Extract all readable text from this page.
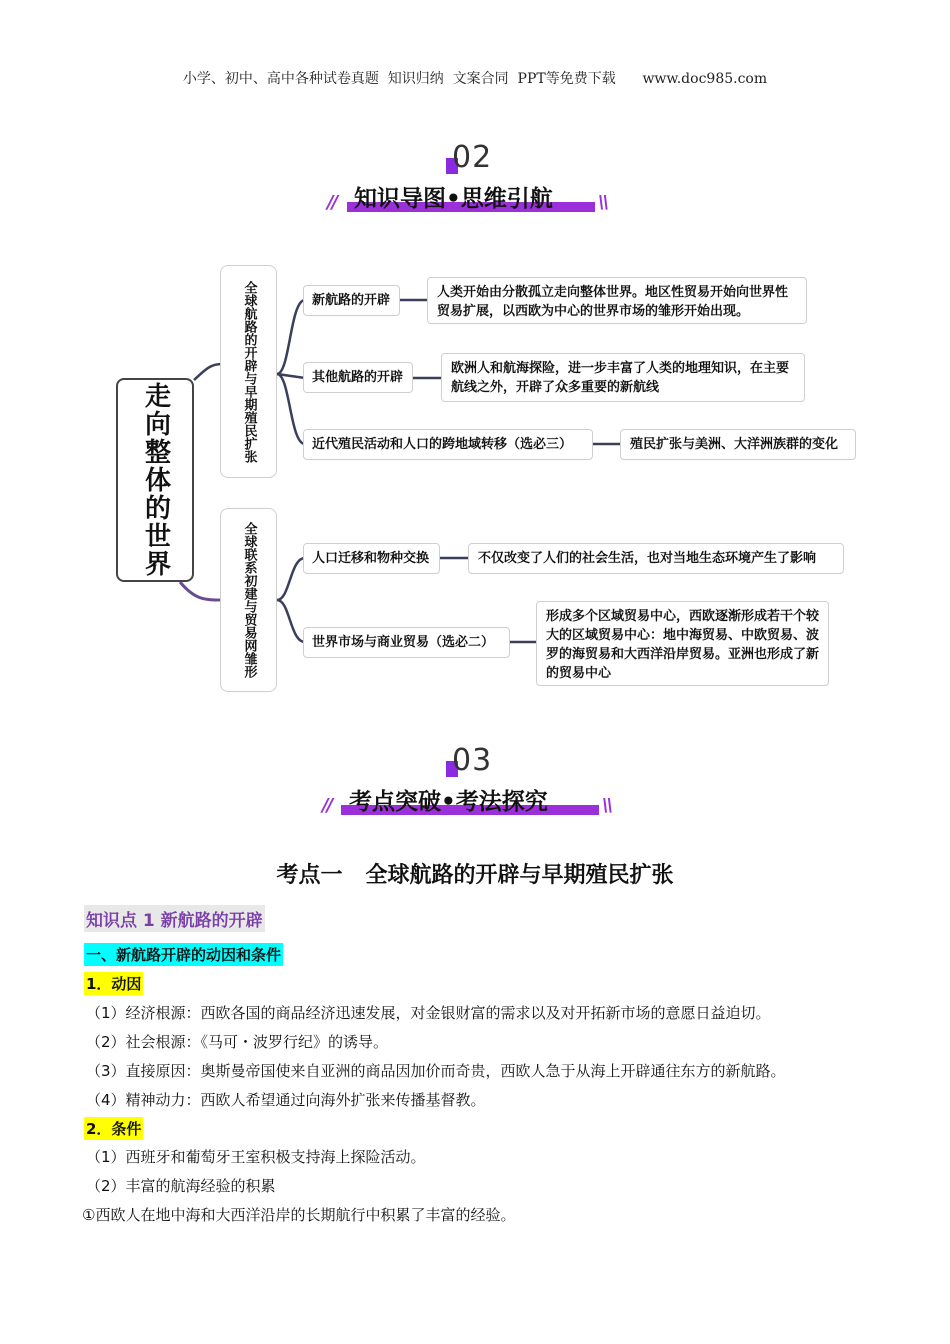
小学、初中、高中各种试卷真题  知识归纳  文案合同  PPT等免费下载      www.doc985.com
02
知识导图•思维引航
//	\\
走向整体的世界
全球航路的开辟与早期殖民扩张	新航路的开辟
人类开始由分散孤立走向整体世界。地区性贸易开始向世界性贸易扩展，以西欧为中心的世界市场的雏形开始出现。
其他航路的开辟
欧洲人和航海探险，进一步丰富了人类的地理知识，在主要航线之外，开辟了众多重要的新航线
近代殖民活动和人口的跨地域转移（选必三）	殖民扩张与美洲、大洋洲族群的变化
全球联系初建与贸易网雏形	人口迁移和物种交换	不仅改变了人们的社会生活，也对当地生态环境产生了影响
世界市场与商业贸易（选必二）
形成多个区域贸易中心，西欧逐渐形成若干个较大的区域贸易中心：地中海贸易、中欧贸易、波罗的海贸易和大西洋沿岸贸易。亚洲也形成了新的贸易中心
03
考点突破•考法探究
//	\\
考点一   全球航路的开辟与早期殖民扩张
知识点 1 新航路的开辟
一、新航路开辟的动因和条件
1．动因
（1）经济根源：西欧各国的商品经济迅速发展，对金银财富的需求以及对开拓新市场的意愿日益迫切。
（2）社会根源：《马可・波罗行纪》的诱导。
（3）直接原因：奥斯曼帝国使来自亚洲的商品因加价而奇贵，西欧人急于从海上开辟通往东方的新航路。
（4）精神动力：西欧人希望通过向海外扩张来传播基督教。
2．条件
（1）西班牙和葡萄牙王室积极支持海上探险活动。
（2）丰富的航海经验的积累
①西欧人在地中海和大西洋沿岸的长期航行中积累了丰富的经验。
